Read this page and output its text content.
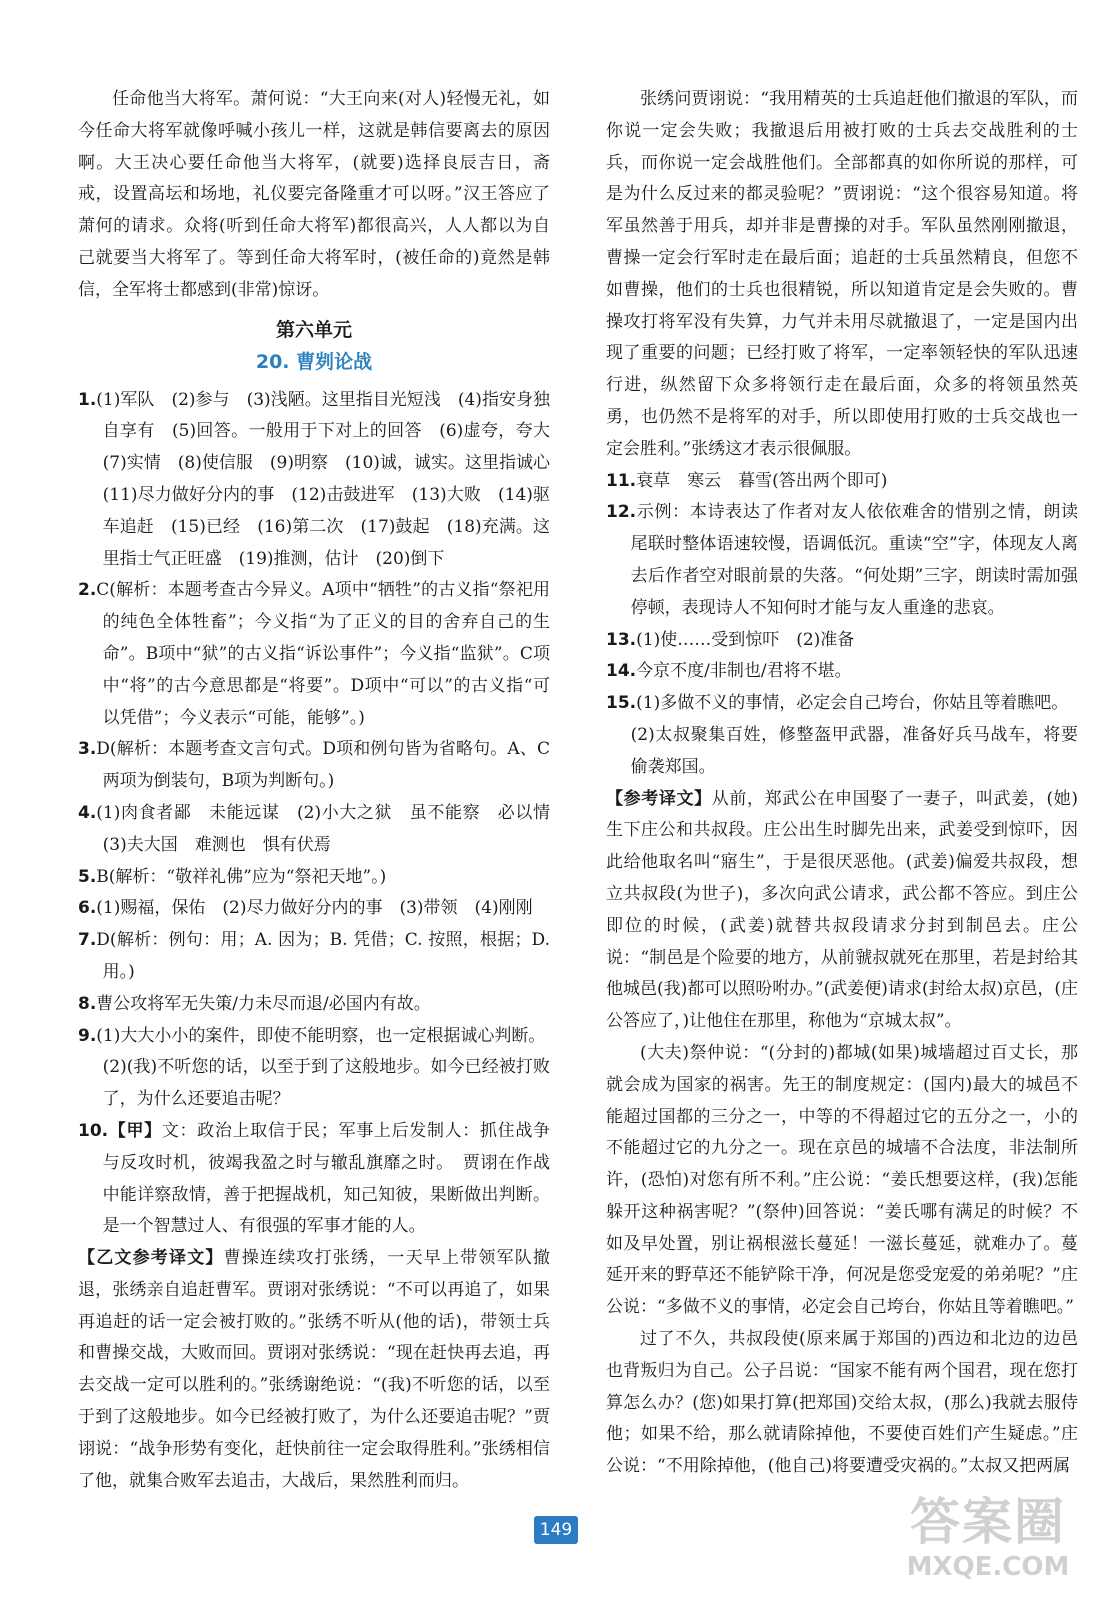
任命他当大将军。萧何说：“大王向来(对人)轻慢无礼，如今任命大将军就像呼喊小孩儿一样，这就是韩信要离去的原因啊。大王决心要任命他当大将军，(就要)选择良辰吉日，斋戒，设置高坛和场地，礼仪要完备隆重才可以呀。”汉王答应了萧何的请求。众将(听到任命大将军)都很高兴，人人都以为自己就要当大将军了。等到任命大将军时，(被任命的)竟然是韩信，全军将士都感到(非常)惊讶。

第六单元

20. 曹刿论战

1.(1)军队　(2)参与　(3)浅陋。这里指目光短浅　(4)指安身独自享有　(5)回答。一般用于下对上的回答　(6)虚夸，夸大　(7)实情　(8)使信服　(9)明察　(10)诚，诚实。这里指诚心　(11)尽力做好分内的事　(12)击鼓进军　(13)大败　(14)驱车追赶　(15)已经　(16)第二次　(17)鼓起　(18)充满。这里指士气正旺盛　(19)推测，估计　(20)倒下

2.C(解析：本题考查古今异义。A项中“牺牲”的古义指“祭祀用的纯色全体牲畜”；今义指“为了正义的目的舍弃自己的生命”。B项中“狱”的古义指“诉讼事件”；今义指“监狱”。C项中“将”的古今意思都是“将要”。D项中“可以”的古义指“可以凭借”；今义表示“可能，能够”。)

3.D(解析：本题考查文言句式。D项和例句皆为省略句。A、C两项为倒装句，B项为判断句。)

4.(1)肉食者鄙　未能远谋　(2)小大之狱　虽不能察　必以情　(3)夫大国　难测也　惧有伏焉

5.B(解析：“敬祥礼佛”应为“祭祀天地”。)

6.(1)赐福，保佑　(2)尽力做好分内的事　(3)带领　(4)刚刚

7.D(解析：例句：用；A. 因为；B. 凭借；C. 按照，根据；D. 用。)

8.曹公攻将军无失策/力未尽而退/必国内有故。

9.(1)大大小小的案件，即使不能明察，也一定根据诚心判断。

(2)(我)不听您的话，以至于到了这般地步。如今已经被打败了，为什么还要追击呢？

10.【甲】文：政治上取信于民；军事上后发制人：抓住战争与反攻时机，彼竭我盈之时与辙乱旗靡之时。　贾诩在作战中能详察敌情，善于把握战机，知己知彼，果断做出判断。是一个智慧过人、有很强的军事才能的人。

【乙文参考译文】曹操连续攻打张绣，一天早上带领军队撤退，张绣亲自追赶曹军。贾诩对张绣说：“不可以再追了，如果再追赶的话一定会被打败的。”张绣不听从(他的话)，带领士兵和曹操交战，大败而回。贾诩对张绣说：“现在赶快再去追，再去交战一定可以胜利的。”张绣谢绝说：“(我)不听您的话，以至于到了这般地步。如今已经被打败了，为什么还要追击呢？”贾诩说：“战争形势有变化，赶快前往一定会取得胜利。”张绣相信了他，就集合败军去追击，大战后，果然胜利而归。

张绣问贾诩说：“我用精英的士兵追赶他们撤退的军队，而你说一定会失败；我撤退后用被打败的士兵去交战胜利的士兵，而你说一定会战胜他们。全部都真的如你所说的那样，可是为什么反过来的都灵验呢？”贾诩说：“这个很容易知道。将军虽然善于用兵，却并非是曹操的对手。军队虽然刚刚撤退，曹操一定会行军时走在最后面；追赶的士兵虽然精良，但您不如曹操，他们的士兵也很精锐，所以知道肯定是会失败的。曹操攻打将军没有失算，力气并未用尽就撤退了，一定是国内出现了重要的问题；已经打败了将军，一定率领轻快的军队迅速行进，纵然留下众多将领行走在最后面，众多的将领虽然英勇，也仍然不是将军的对手，所以即使用打败的士兵交战也一定会胜利。”张绣这才表示很佩服。

11.衰草　寒云　暮雪(答出两个即可)

12.示例：本诗表达了作者对友人依依难舍的惜别之情，朗读尾联时整体语速较慢，语调低沉。重读“空”字，体现友人离去后作者空对眼前景的失落。“何处期”三字，朗读时需加强停顿，表现诗人不知何时才能与友人重逢的悲哀。

13.(1)使……受到惊吓　(2)准备

14.今京不度/非制也/君将不堪。

15.(1)多做不义的事情，必定会自己垮台，你姑且等着瞧吧。

(2)太叔聚集百姓，修整盔甲武器，准备好兵马战车，将要偷袭郑国。

【参考译文】从前，郑武公在申国娶了一妻子，叫武姜，(她)生下庄公和共叔段。庄公出生时脚先出来，武姜受到惊吓，因此给他取名叫“寤生”，于是很厌恶他。(武姜)偏爱共叔段，想立共叔段(为世子)，多次向武公请求，武公都不答应。到庄公即位的时候，(武姜)就替共叔段请求分封到制邑去。庄公说：“制邑是个险要的地方，从前虢叔就死在那里，若是封给其他城邑(我)都可以照吩咐办。”(武姜便)请求(封给太叔)京邑，(庄公答应了，)让他住在那里，称他为“京城太叔”。

(大夫)祭仲说：“(分封的)都城(如果)城墙超过百丈长，那就会成为国家的祸害。先王的制度规定：(国内)最大的城邑不能超过国都的三分之一，中等的不得超过它的五分之一，小的不能超过它的九分之一。现在京邑的城墙不合法度，非法制所许，(恐怕)对您有所不利。”庄公说：“姜氏想要这样，(我)怎能躲开这种祸害呢？”(祭仲)回答说：“姜氏哪有满足的时候？不如及早处置，别让祸根滋长蔓延！一滋长蔓延，就难办了。蔓延开来的野草还不能铲除干净，何况是您受宠爱的弟弟呢？”庄公说：“多做不义的事情，必定会自己垮台，你姑且等着瞧吧。”

过了不久，共叔段使(原来属于郑国的)西边和北边的边邑也背叛归为自己。公子吕说：“国家不能有两个国君，现在您打算怎么办？(您)如果打算(把郑国)交给太叔，(那么)我就去服侍他；如果不给，那么就请除掉他，不要使百姓们产生疑虑。”庄公说：“不用除掉他，(他自己)将要遭受灾祸的。”太叔又把两属

149	答案圈
MXQE.COM
